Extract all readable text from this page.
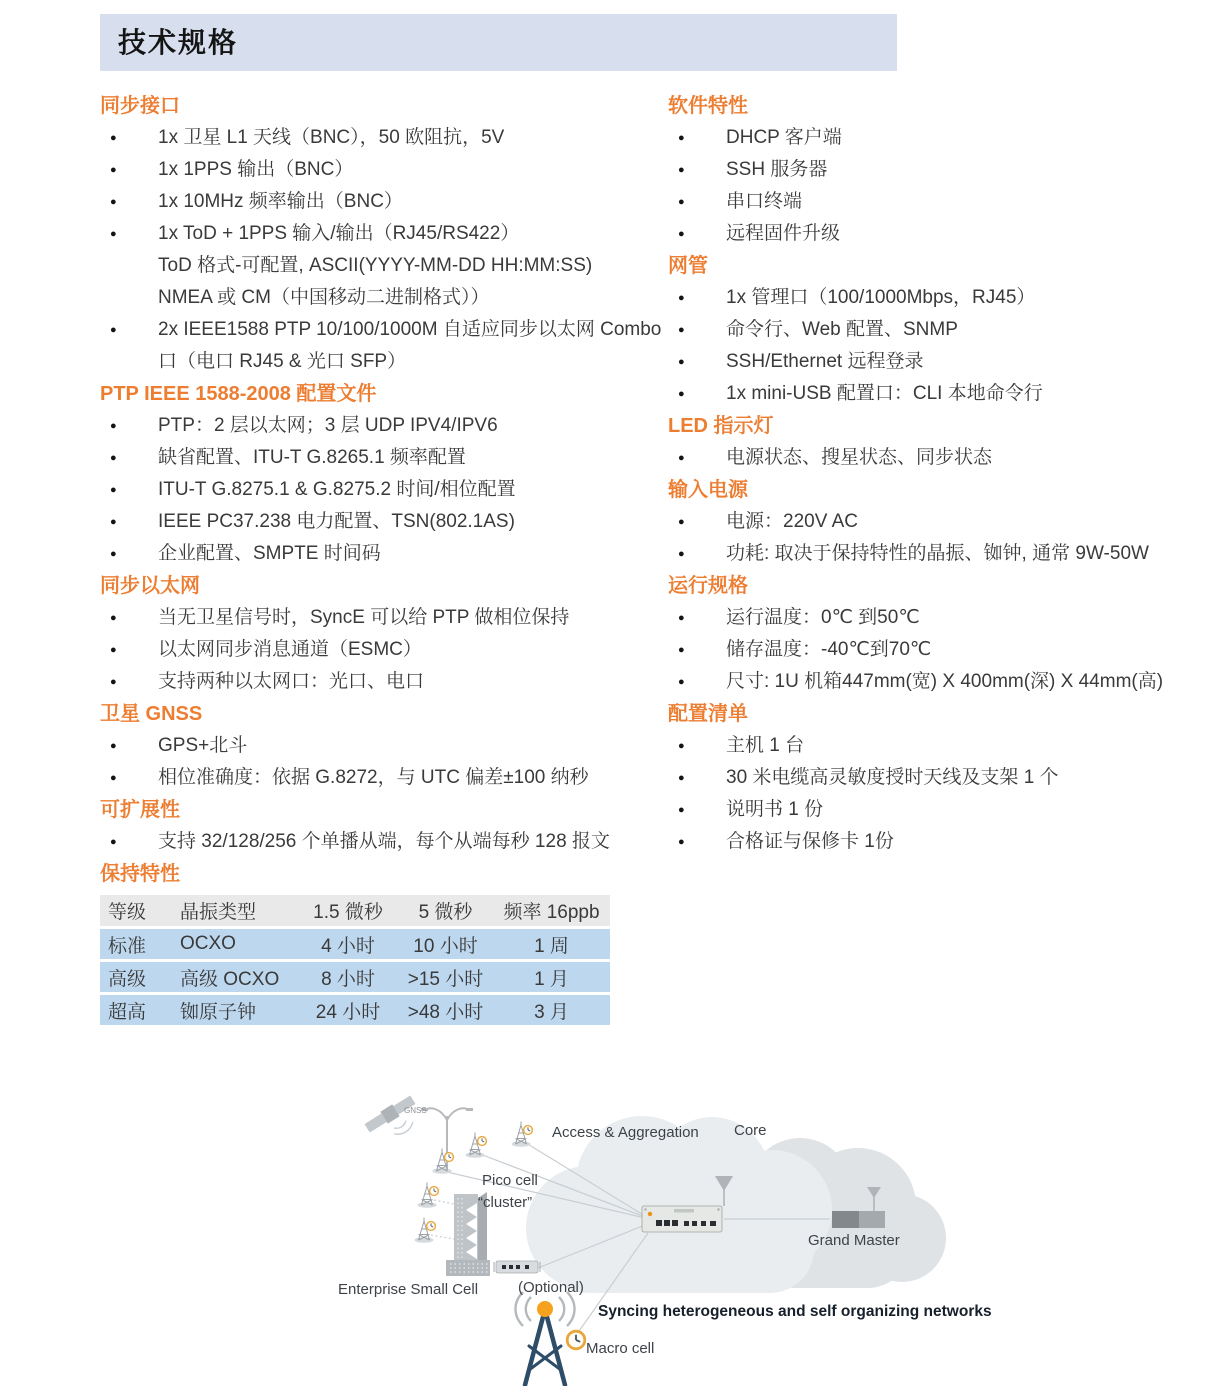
技术规格
同步接口
●	1x 卫星 L1 天线（BNC），50 欧阻抗，5V
●	1x 1PPS 输出（BNC）
●	1x 10MHz 频率输出（BNC）
●	1x ToD + 1PPS 输入/输出（RJ45/RS422）
ToD 格式-可配置, ASCII(YYYY-MM-DD HH:MM:SS)
NMEA 或 CM（中国移动二进制格式））
●	2x IEEE1588 PTP 10/100/1000M 自适应同步以太网 Combo
口（电口 RJ45 & 光口 SFP）
PTP IEEE 1588-2008 配置文件
●	PTP：2 层以太网；3 层 UDP IPV4/IPV6
●	缺省配置、ITU-T G.8265.1 频率配置
●	ITU-T G.8275.1 & G.8275.2 时间/相位配置
●	IEEE PC37.238 电力配置、TSN(802.1AS)
●	企业配置、SMPTE 时间码
同步以太网
●	当无卫星信号时，SyncE 可以给 PTP 做相位保持
●	以太网同步消息通道（ESMC）
●	支持两种以太网口：光口、电口
卫星 GNSS
●	GPS+北斗
●	相位准确度：依据 G.8272，与 UTC 偏差±100 纳秒
可扩展性
●	支持 32/128/256 个单播从端，每个从端每秒 128 报文
保持特性
等级	晶振类型	1.5 微秒	5 微秒	频率 16ppb
标准	OCXO	4 小时	10 小时	1 周
高级	高级 OCXO	8 小时	>15 小时	1 月
超高	铷原子钟	24 小时	>48 小时	3 月
软件特性
●	DHCP 客户端
●	SSH 服务器
●	串口终端
●	远程固件升级
网管
●	1x 管理口（100/1000Mbps，RJ45）
●	命令行、Web 配置、SNMP
●	SSH/Ethernet 远程登录
●	1x mini-USB 配置口：CLI 本地命令行
LED 指示灯
●	电源状态、搜星状态、同步状态
输入电源
●	电源：220V AC
●	功耗: 取决于保持特性的晶振、铷钟, 通常 9W-50W
运行规格
●	运行温度：0℃ 到50℃
●	储存温度：-40℃到70℃
●	尺寸: 1U 机箱447mm(宽) X 400mm(深) X 44mm(高)
配置清单
●	主机 1 台
●	30 米电缆高灵敏度授时天线及支架 1 个
●	说明书 1 份
●	合格证与保修卡 1份
GNSS
Access & Aggregation Core
Pico cell
“cluster”
Enterprise Small Cell	(Optional)
Grand Master
Syncing heterogeneous and self organizing networks
Macro cell
